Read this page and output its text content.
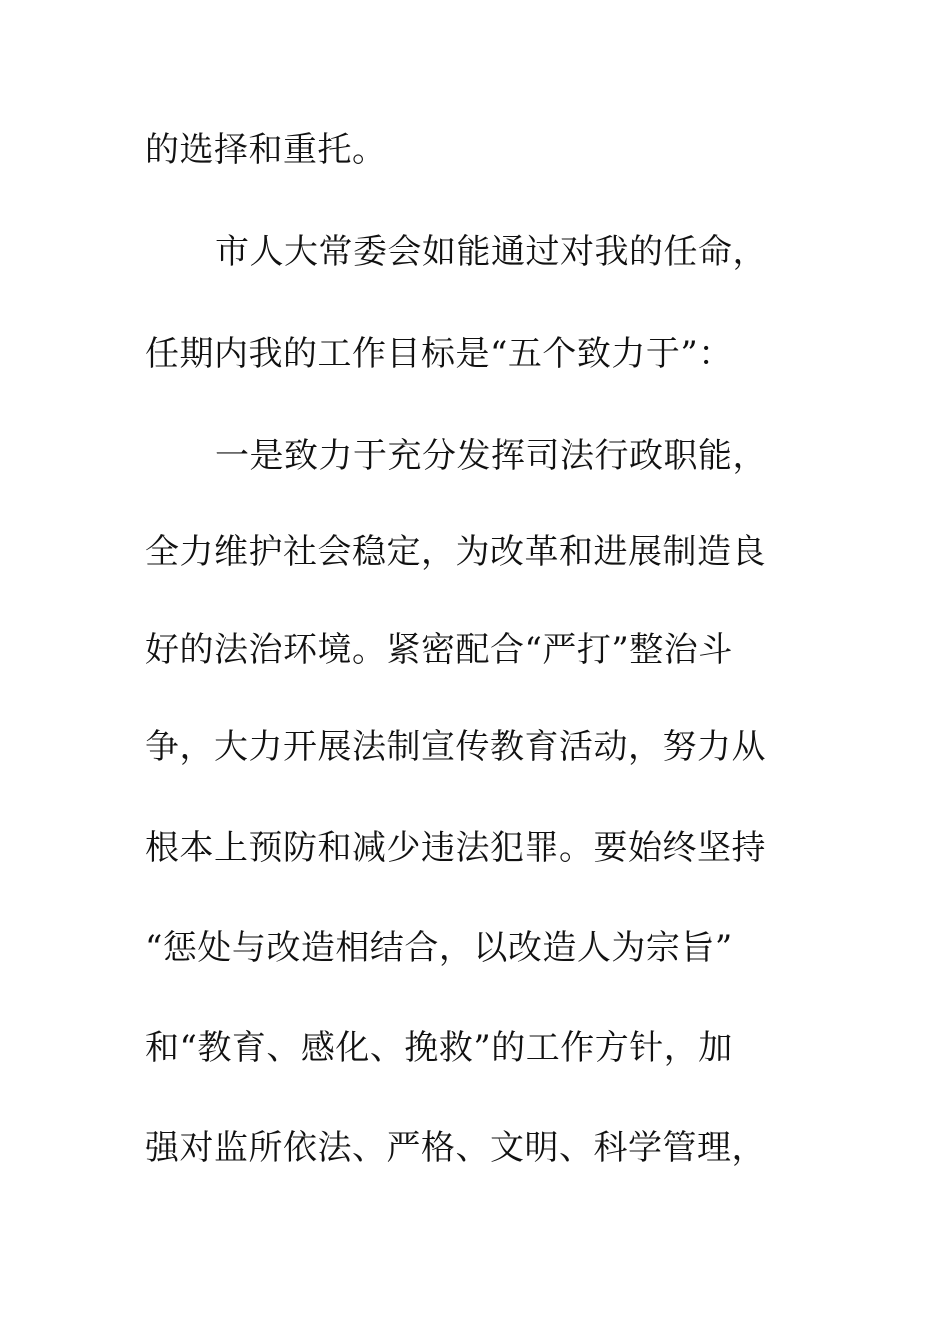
的选择和重托。
市人大常委会如能通过对我的任命，
任期内我的工作目标是“五个致力于”：
一是致力于充分发挥司法行政职能，
全力维护社会稳定，为改革和进展制造良
好的法治环境。紧密配合“严打”整治斗
争，大力开展法制宣传教育活动，努力从
根本上预防和减少违法犯罪。要始终坚持
“惩处与改造相结合，以改造人为宗旨”
和“教育、感化、挽救”的工作方针，加
强对监所依法、严格、文明、科学管理，
